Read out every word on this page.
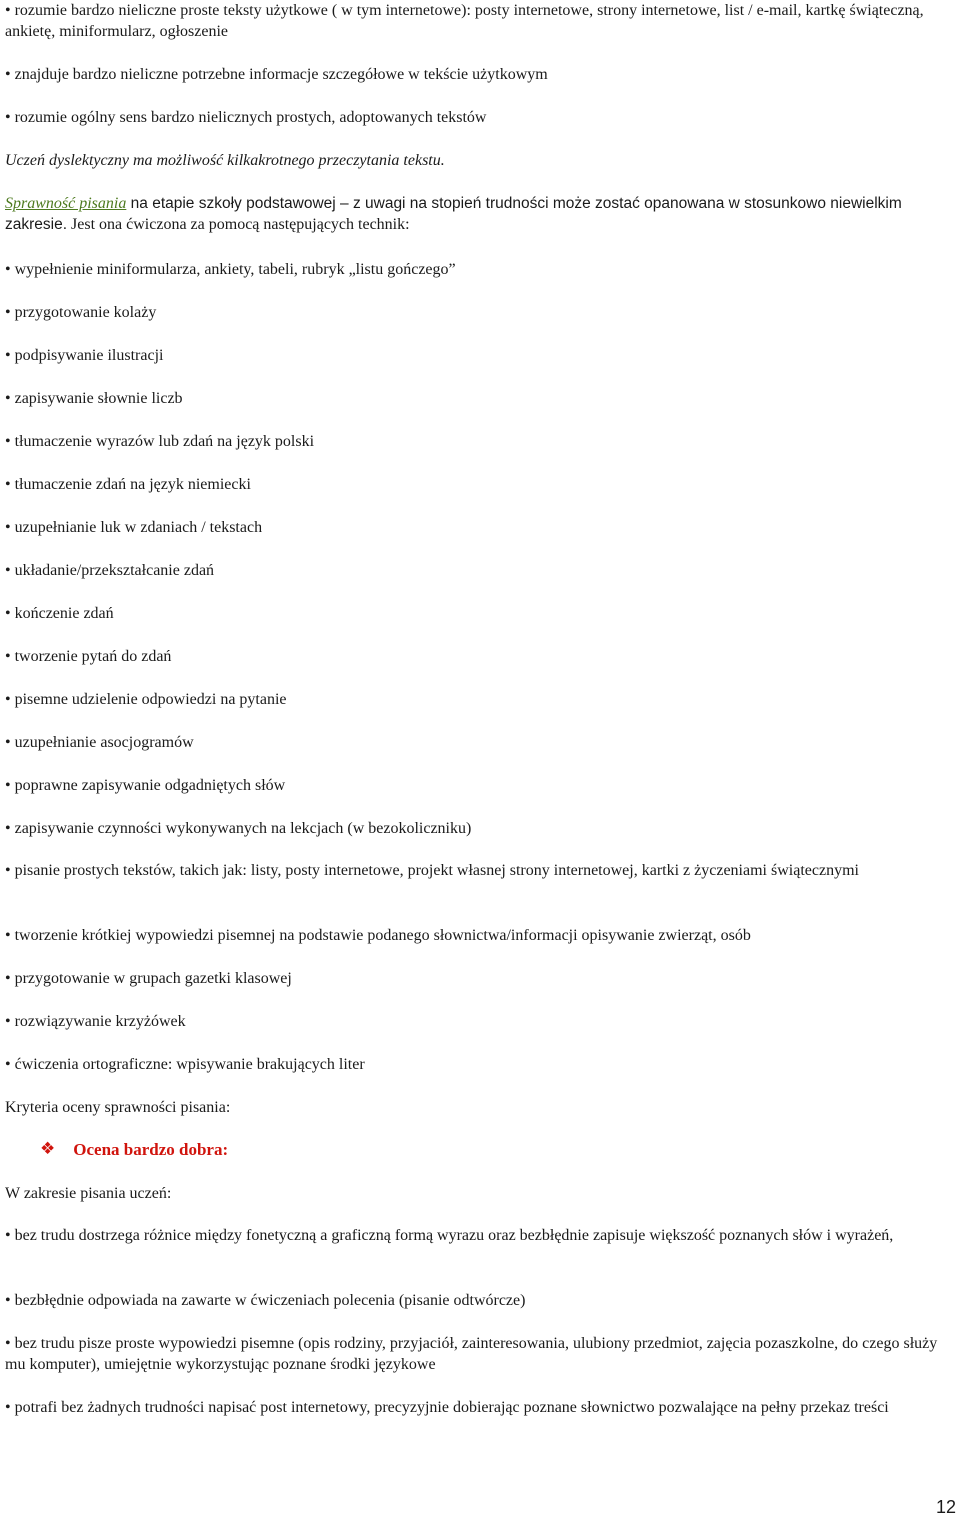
• rozumie bardzo nieliczne proste teksty użytkowe ( w tym internetowe): posty internetowe, strony internetowe, list / e-mail, kartkę świąteczną, ankietę, miniformularz, ogłoszenie

• znajduje bardzo nieliczne potrzebne informacje szczegółowe w tekście użytkowym

• rozumie ogólny sens bardzo nielicznych prostych, adoptowanych tekstów

Uczeń dyslektyczny ma możliwość kilkakrotnego przeczytania tekstu.

Sprawność pisania na etapie szkoły podstawowej – z uwagi na stopień trudności może zostać opanowana w stosunkowo niewielkim zakresie. Jest ona ćwiczona za pomocą następujących technik:

• wypełnienie miniformularza, ankiety, tabeli, rubryk „listu gończego”

• przygotowanie kolaży

• podpisywanie ilustracji

• zapisywanie słownie liczb

• tłumaczenie wyrazów lub zdań na język polski

• tłumaczenie zdań na język niemiecki

• uzupełnianie luk w zdaniach / tekstach

• układanie/przekształcanie zdań

• kończenie zdań

• tworzenie pytań do zdań

• pisemne udzielenie odpowiedzi na pytanie

• uzupełnianie asocjogramów

• poprawne zapisywanie odgadniętych słów

• zapisywanie czynności wykonywanych na lekcjach (w bezokoliczniku)

• pisanie prostych tekstów, takich jak: listy, posty internetowe, projekt własnej strony internetowej, kartki z życzeniami świątecznymi

• tworzenie krótkiej wypowiedzi pisemnej na podstawie podanego słownictwa/informacji opisywanie zwierząt, osób

• przygotowanie w grupach gazetki klasowej

• rozwiązywanie krzyżówek

• ćwiczenia ortograficzne: wpisywanie brakujących liter

Kryteria oceny sprawności pisania:

❖ Ocena bardzo dobra:

W zakresie pisania uczeń:

• bez trudu dostrzega różnice między fonetyczną a graficzną formą wyrazu oraz bezbłędnie zapisuje większość poznanych słów i wyrażeń,

• bezbłędnie odpowiada na zawarte w ćwiczeniach polecenia (pisanie odtwórcze)

• bez trudu pisze proste wypowiedzi pisemne (opis rodziny, przyjaciół, zainteresowania, ulubiony przedmiot, zajęcia pozaszkolne, do czego służy mu komputer), umiejętnie wykorzystując poznane środki językowe

• potrafi bez żadnych trudności napisać post internetowy, precyzyjnie dobierając poznane słownictwo pozwalające na pełny przekaz treści

12
